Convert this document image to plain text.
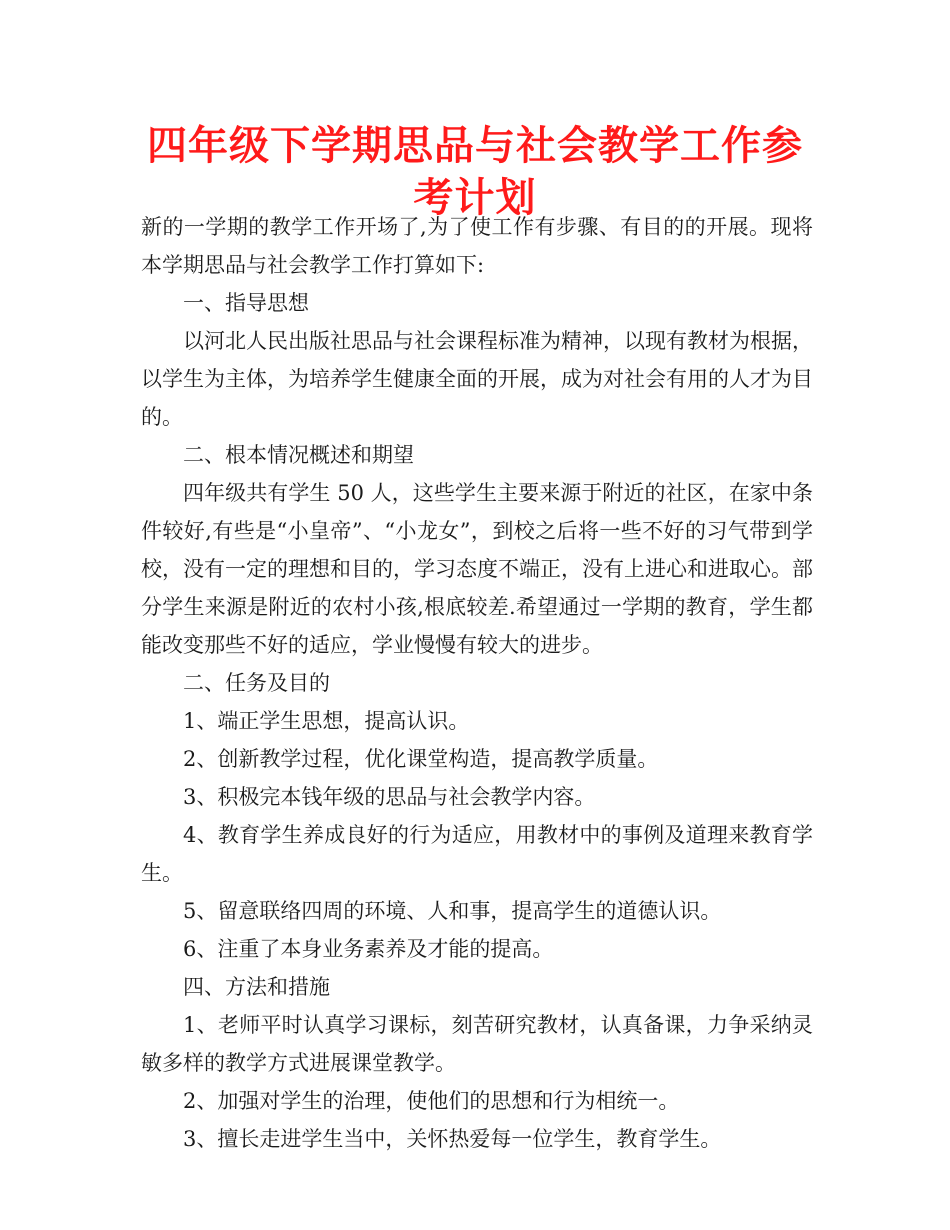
四年级下学期思品与社会教学工作参考计划

新的一学期的教学工作开场了,为了使工作有步骤、有目的的开展。现将本学期思品与社会教学工作打算如下:

一、指导思想

以河北人民出版社思品与社会课程标准为精神，以现有教材为根据，以学生为主体，为培养学生健康全面的开展，成为对社会有用的人才为目的。

二、根本情况概述和期望

四年级共有学生 50 人，这些学生主要来源于附近的社区，在家中条件较好,有些是“小皇帝”、“小龙女”，到校之后将一些不好的习气带到学校，没有一定的理想和目的，学习态度不端正，没有上进心和进取心。部分学生来源是附近的农村小孩,根底较差.希望通过一学期的教育，学生都能改变那些不好的适应，学业慢慢有较大的进步。

二、任务及目的

1、端正学生思想，提高认识。

2、创新教学过程，优化课堂构造，提高教学质量。

3、积极完本钱年级的思品与社会教学内容。

4、教育学生养成良好的行为适应，用教材中的事例及道理来教育学生。

5、留意联络四周的环境、人和事，提高学生的道德认识。

6、注重了本身业务素养及才能的提高。

四、方法和措施

1、老师平时认真学习课标，刻苦研究教材，认真备课，力争采纳灵敏多样的教学方式进展课堂教学。

2、加强对学生的治理，使他们的思想和行为相统一。

3、擅长走进学生当中，关怀热爱每一位学生，教育学生。
